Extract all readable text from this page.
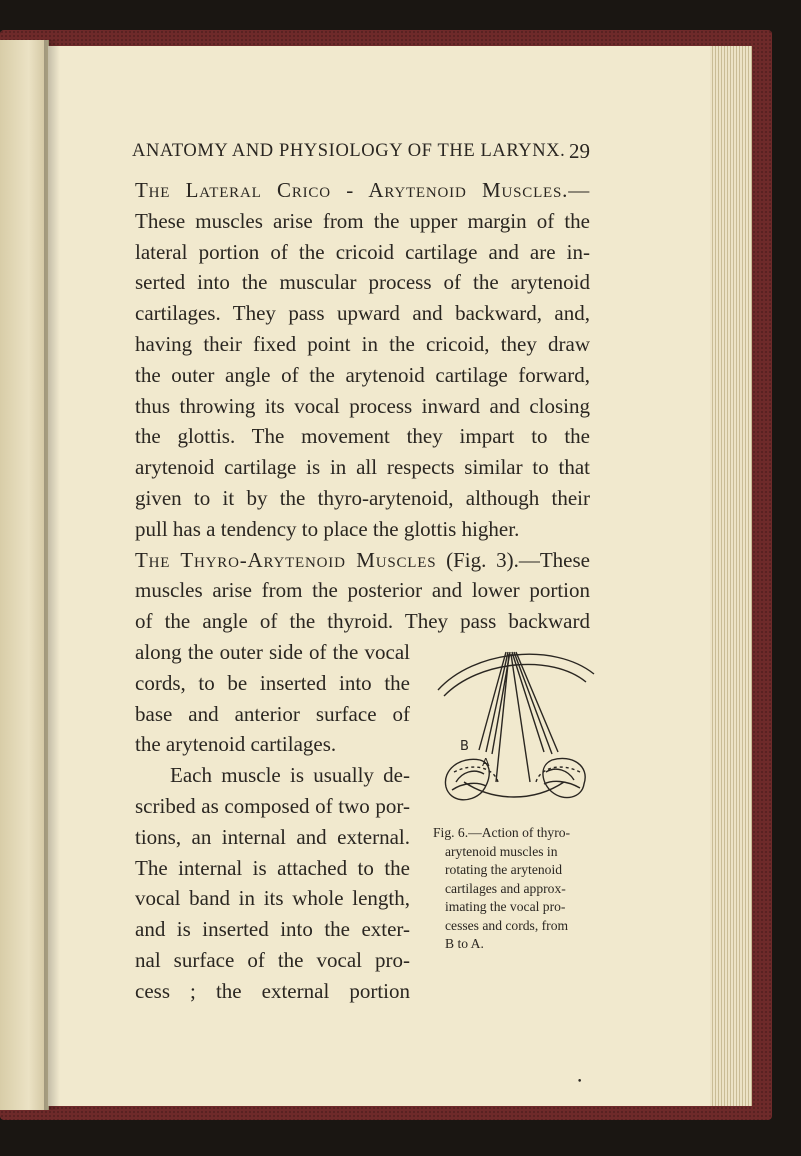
ANATOMY AND PHYSIOLOGY OF THE LARYNX. 29
The Lateral Crico - Arytenoid Muscles.—
These muscles arise from the upper margin of the
lateral portion of the cricoid cartilage and are in-
serted into the muscular process of the arytenoid
cartilages. They pass upward and backward, and,
having their fixed point in the cricoid, they draw
the outer angle of the arytenoid cartilage forward,
thus throwing its vocal process inward and closing
the glottis. The movement they impart to the
arytenoid cartilage is in all respects similar to that
given to it by the thyro-arytenoid, although their
pull has a tendency to place the glottis higher.
The Thyro-Arytenoid Muscles (Fig. 3).—These
muscles arise from the posterior and lower portion
of the angle of the thyroid. They pass backward
along the outer side of the vocal
cords, to be inserted into the
base and anterior surface of
the arytenoid cartilages.
Each muscle is usually de-
scribed as composed of two por-
tions, an internal and external.
The internal is attached to the
vocal band in its whole length,
and is inserted into the exter-
nal surface of the vocal pro-
cess ; the external portion
B
A
Fig. 6.—Action of thyro-
arytenoid muscles in
rotating the arytenoid
cartilages and approx-
imating the vocal pro-
cesses and cords, from
B to A.
•
